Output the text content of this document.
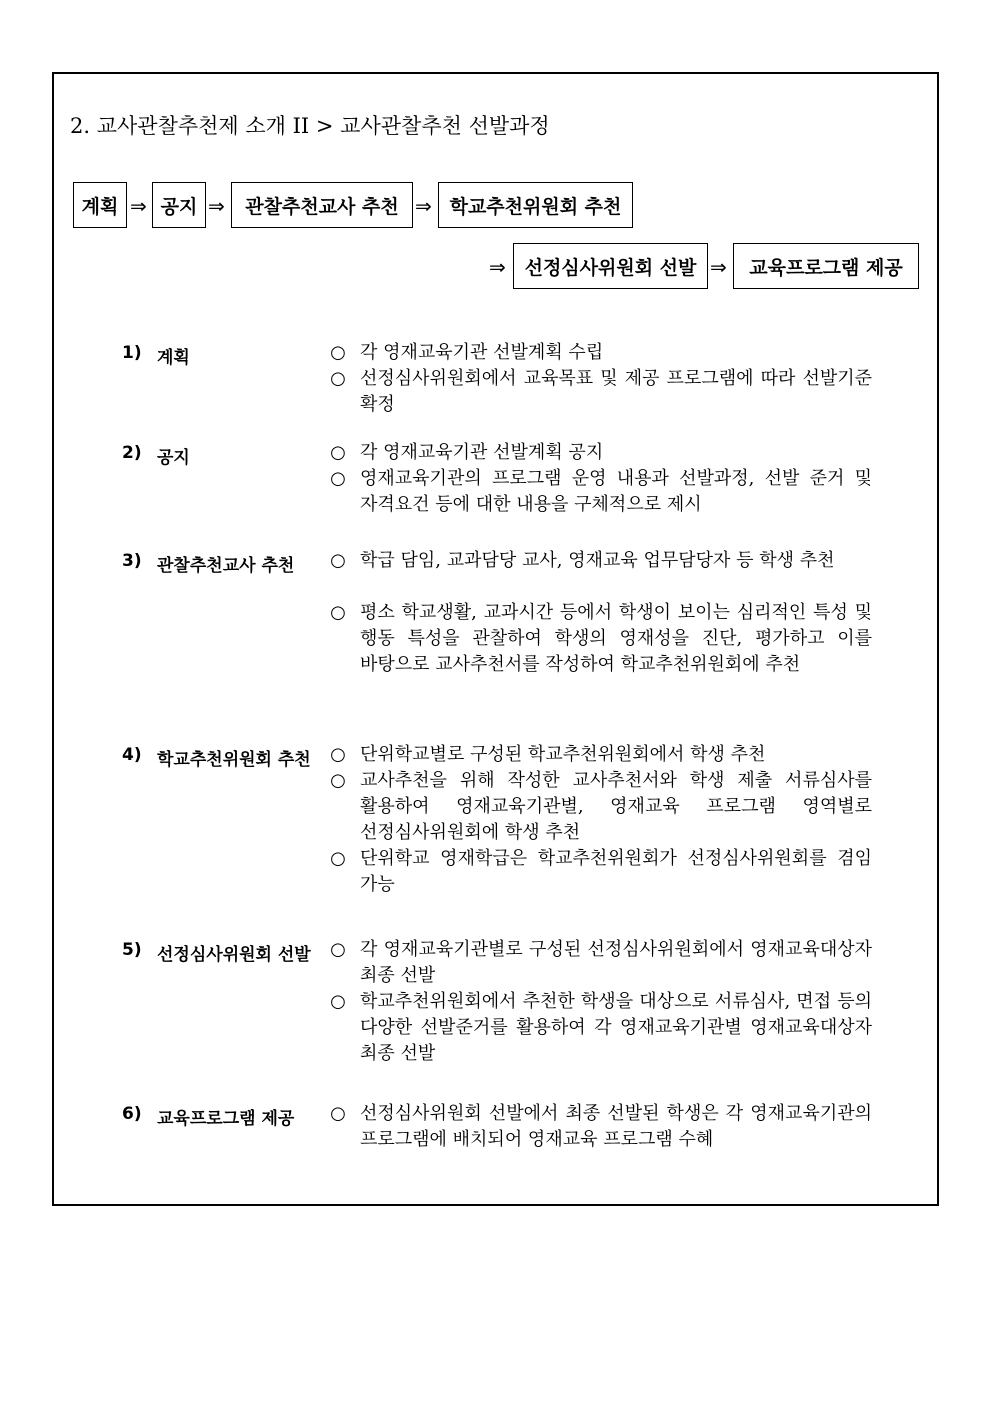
2. 교사관찰추천제 소개 II > 교사관찰추천 선발과정
계획 ⇒ 공지 ⇒	관찰추천교사 추천 ⇒ 학교추천위원회 추천
⇒ 선정심사위원회 선발 ⇒	교육프로그램 제공
1) 계획	○ 각 영재교육기관 선발계획 수립
○ 선정심사위원회에서 교육목표 및 제공 프로그램에 따라 선발기준 확정
2) 공지	○ 각 영재교육기관 선발계획 공지
○ 영재교육기관의 프로그램 운영 내용과 선발과정, 선발 준거 및 자격요건 등에 대한 내용을 구체적으로 제시
3) 관찰추천교사 추천 ○ 학급 담임, 교과담당 교사, 영재교육 업무담당자 등 학생 추천
○ 평소 학교생활, 교과시간 등에서 학생이 보이는 심리적인 특성 및 행동 특성을 관찰하여 학생의 영재성을 진단, 평가하고 이를 바탕으로 교사추천서를 작성하여 학교추천위원회에 추천
4) 학교추천위원회 추천 ○ 단위학교별로 구성된 학교추천위원회에서 학생 추천
○ 교사추천을 위해 작성한 교사추천서와 학생 제출 서류심사를 활용하여 영재교육기관별, 영재교육 프로그램 영역별로 선정심사위원회에 학생 추천
○ 단위학교 영재학급은 학교추천위원회가 선정심사위원회를 겸임 가능
5) 선정심사위원회 선발 ○ 각 영재교육기관별로 구성된 선정심사위원회에서 영재교육대상자 최종 선발
○ 학교추천위원회에서 추천한 학생을 대상으로 서류심사, 면접 등의 다양한 선발준거를 활용하여 각 영재교육기관별 영재교육대상자 최종 선발
6) 교육프로그램 제공 ○ 선정심사위원회 선발에서 최종 선발된 학생은 각 영재교육기관의 프로그램에 배치되어 영재교육 프로그램 수혜
